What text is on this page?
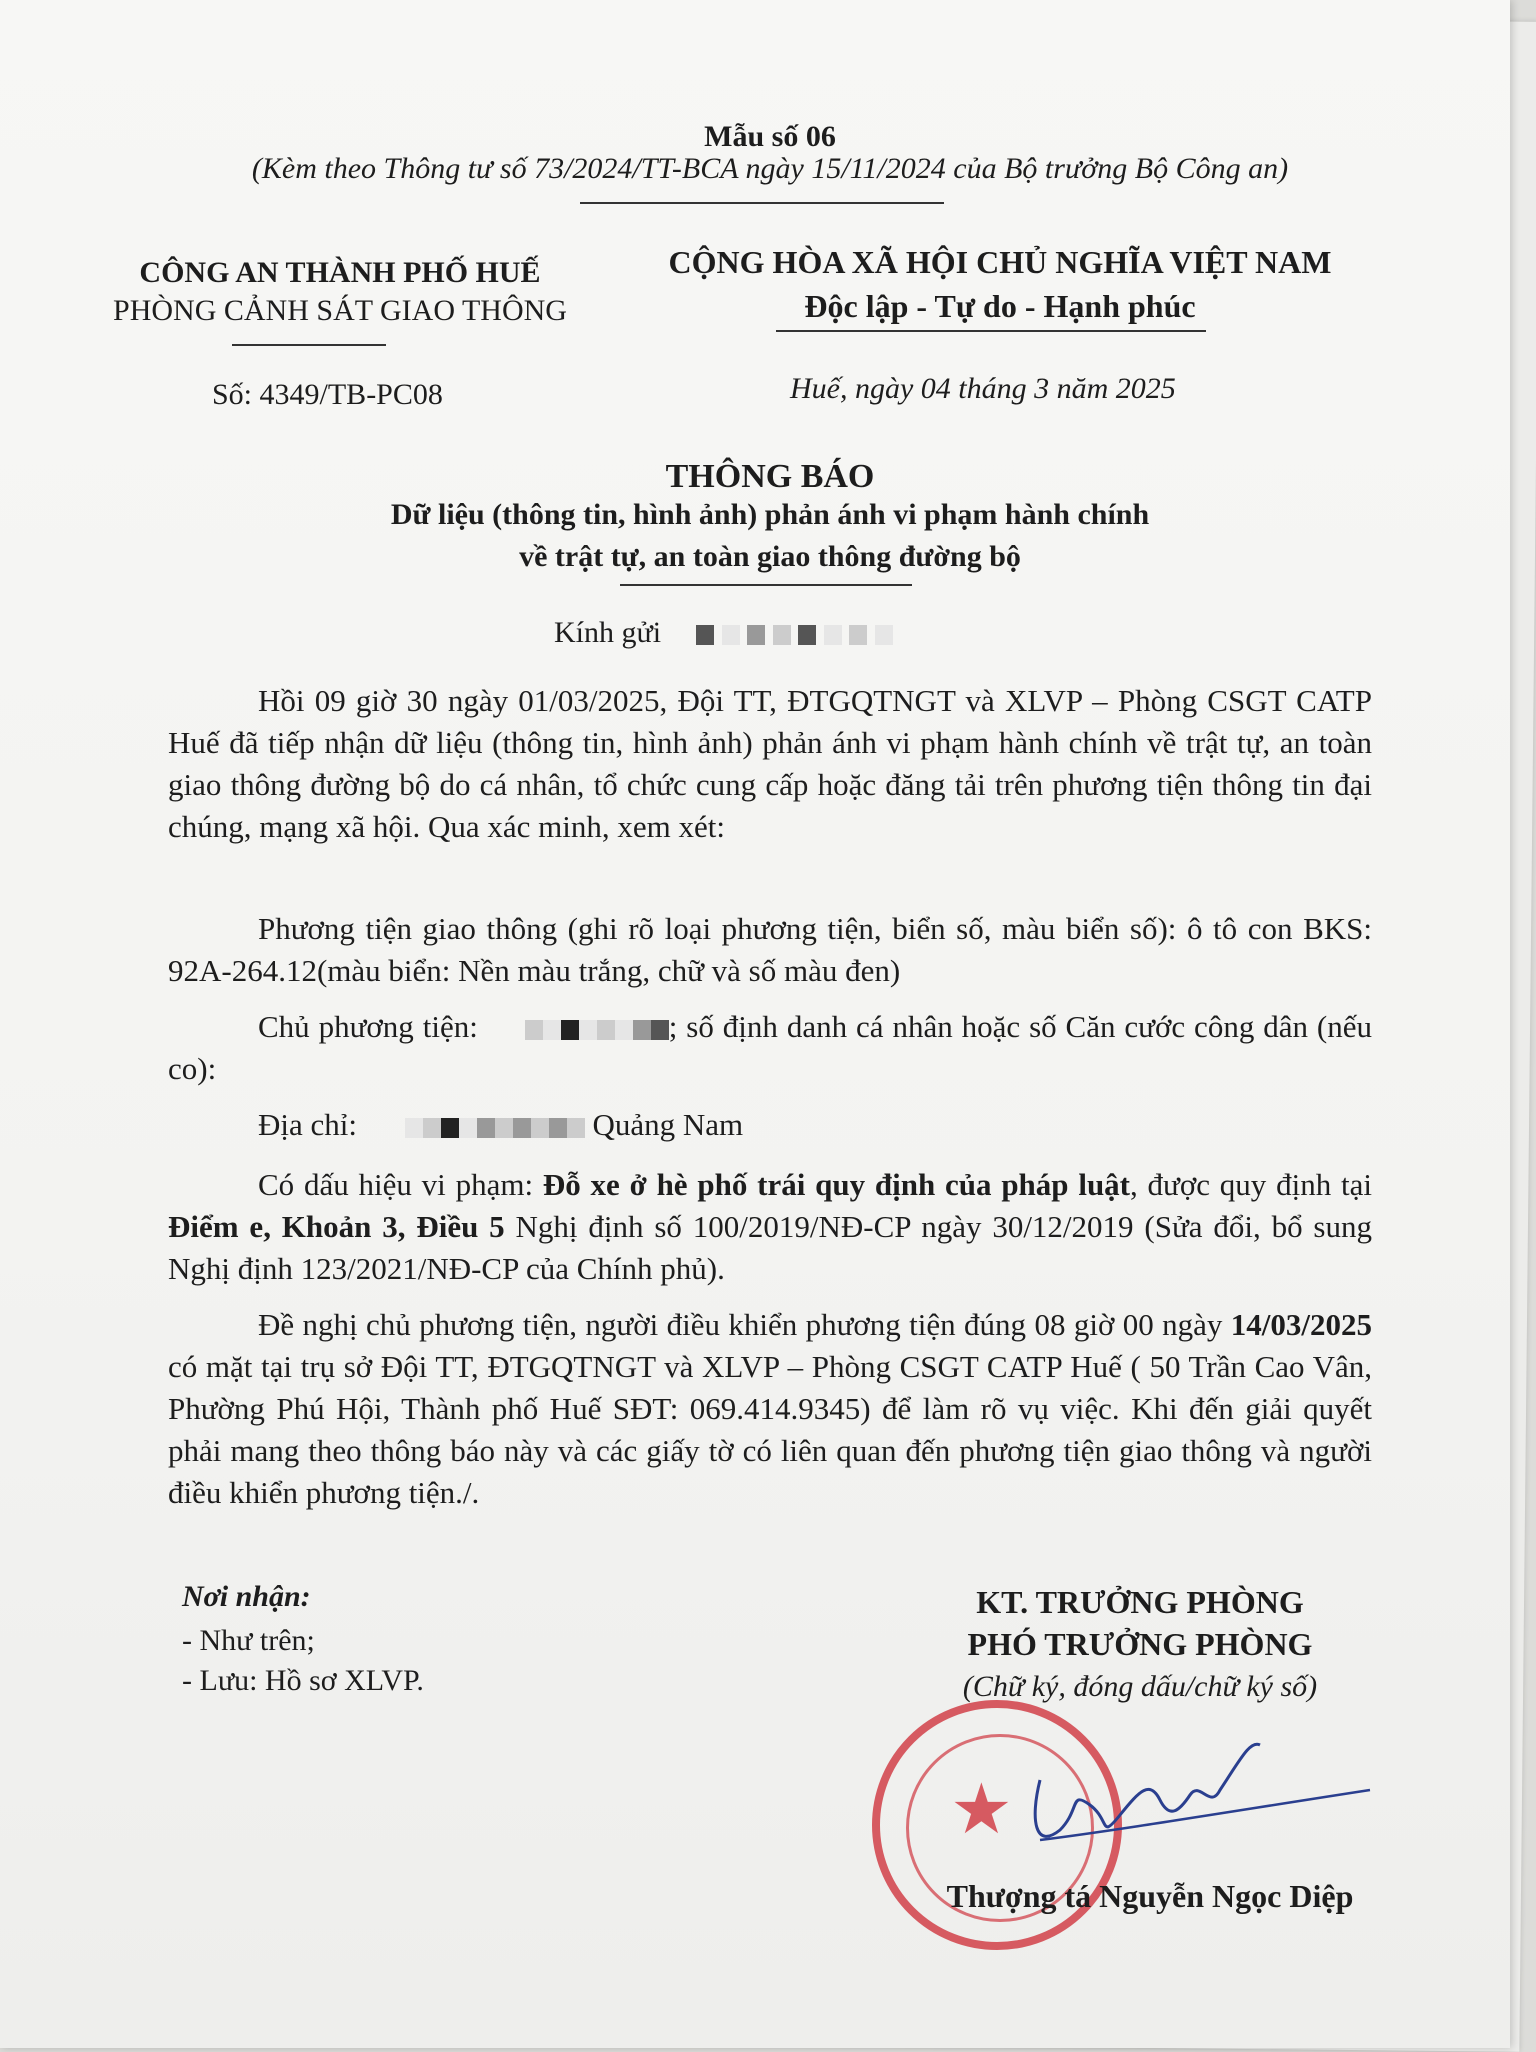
Mẫu số 06
(Kèm theo Thông tư số 73/2024/TT-BCA ngày 15/11/2024 của Bộ trưởng Bộ Công an)
CÔNG AN THÀNH PHỐ HUẾ
PHÒNG CẢNH SÁT GIAO THÔNG
CỘNG HÒA XÃ HỘI CHỦ NGHĨA VIỆT NAM
Độc lập - Tự do - Hạnh phúc
Số: 4349/TB-PC08	Huế, ngày 04 tháng 3 năm 2025
THÔNG BÁO
Dữ liệu (thông tin, hình ảnh) phản ánh vi phạm hành chính
về trật tự, an toàn giao thông đường bộ
Kính gửi
Hồi 09 giờ 30 ngày 01/03/2025, Đội TT, ĐTGQTNGT và XLVP – Phòng CSGT CATP Huế đã tiếp nhận dữ liệu (thông tin, hình ảnh) phản ánh vi phạm hành chính về trật tự, an toàn giao thông đường bộ do cá nhân, tổ chức cung cấp hoặc đăng tải trên phương tiện thông tin đại chúng, mạng xã hội. Qua xác minh, xem xét:
Phương tiện giao thông (ghi rõ loại phương tiện, biển số, màu biển số): ô tô con BKS: 92A-264.12(màu biển: Nền màu trắng, chữ và số màu đen)
Chủ phương tiện:	; số định danh cá nhân hoặc số Căn cước công dân (nếu co):
Địa chỉ:	Quảng Nam
Có dấu hiệu vi phạm: Đỗ xe ở hè phố trái quy định của pháp luật, được quy định tại Điểm e, Khoản 3, Điều 5 Nghị định số 100/2019/NĐ-CP ngày 30/12/2019 (Sửa đổi, bổ sung Nghị định 123/2021/NĐ-CP của Chính phủ).
Đề nghị chủ phương tiện, người điều khiển phương tiện đúng 08 giờ 00 ngày 14/03/2025 có mặt tại trụ sở Đội TT, ĐTGQTNGT và XLVP – Phòng CSGT CATP Huế ( 50 Trần Cao Vân, Phường Phú Hội, Thành phố Huế SĐT: 069.414.9345) để làm rõ vụ việc. Khi đến giải quyết phải mang theo thông báo này và các giấy tờ có liên quan đến phương tiện giao thông và người điều khiển phương tiện./.
Nơi nhận:
- Như trên;
- Lưu: Hồ sơ XLVP.
KT. TRƯỞNG PHÒNG
PHÓ TRƯỞNG PHÒNG
(Chữ ký, đóng dấu/chữ ký số)
★
Thượng tá Nguyễn Ngọc Diệp
